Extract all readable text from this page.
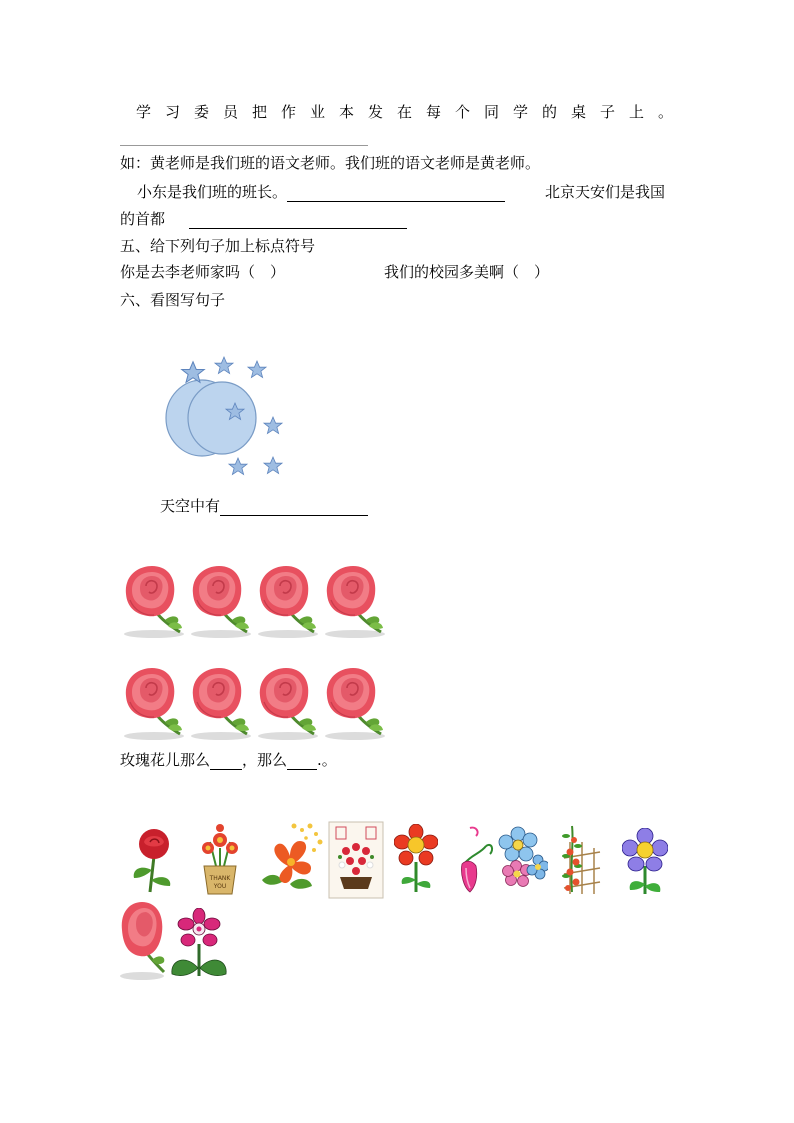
学习委员把作业本发在每个同学的桌子上。
如：黄老师是我们班的语文老师。我们班的语文老师是黄老师。
小东是我们班的班长。	北京天安们是我国
的首都
五、给下列句子加上标点符号
你是去李老师家吗（　）	我们的校园多美啊（　）
六、看图写句子
天空中有
玫瑰花儿那么 ，那么 .。
THANK
YOU
